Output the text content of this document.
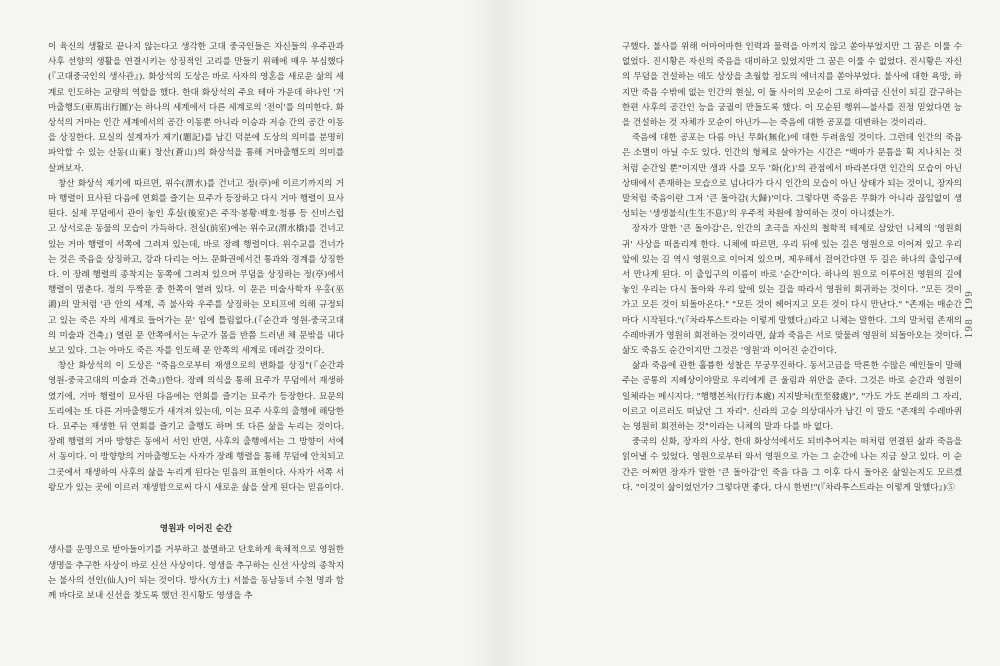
이 육신의 생활로 끝나지 않는다고 생각한 고대 중국인들은 자신들의 우주관과 사후 선향의 생활을 연결시키는 상징적인 고리를 만들기 위해에 매우 부심했다(『고대중국인의 생사관』). 화상석의 도상은 바로 사자의 영혼을 새로운 삶의 세계로 인도하는 교량의 역할을 했다. 한대 화상석의 주요 테마 가운데 하나인 '거마출행도(車馬出行圖)'는 하나의 세계에서 다른 세계로의 '전이'를 의미한다. 화상석의 거마는 인간 세계에서의 공간 이동뿐 아니라 이승과 저승 간의 공간 이동을 상징한다. 묘실의 설계자가 제기(題記)를 남긴 덕분에 도상의 의미를 분명히 파악할 수 있는 산동(山東) 창산(蒼山)의 화상석을 통해 거마출행도의 의미를 살펴보자.

창산 화상석 제기에 따르면, 위수(渭水)를 건너고 정(亭)에 이르기까지의 거마 행렬이 묘사된 다음에 연회를 즐기는 묘주가 등장하고 다시 거마 행렬이 묘사된다. 실제 무덤에서 관이 놓인 후실(後室)은 주작·봉황·백호·청룡 등 신비스럽고 상서로운 동물의 모습이 가득하다. 전실(前室)에는 위수교(渭水橋)를 건너고 있는 거마 행렬이 서쪽에 그려져 있는데, 바로 장례 행렬이다. 위수교를 건너가는 것은 죽음을 상징하고, 강과 다리는 어느 문화권에서건 통과와 경계를 상징한다. 이 장례 행렬의 종착지는 동쪽에 그려져 있으며 무덤을 상징하는 정(亭)에서 행렬이 멈춘다. 정의 두짝문 중 한쪽이 열려 있다. 이 문은 미술사학자 우홍(巫鴻)의 말처럼 '관 안의 세계, 즉 불사와 우주를 상징하는 모티프에 의해 규정되고 있는 죽은 자의 세계로 들어가는 문' 임에 틀림없다.(『순간과 영원-중국고대의 미술과 건축』) 열린 문 안쪽에서는 누군가 몸을 반쯤 드러낸 채 문밖을 내다보고 있다. 그는 아마도 죽은 자를 인도해 문 안쪽의 세계로 데려갈 것이다.

창산 화상석의 이 도상은 "죽음으로부터 재생으로의 변화를 상징"(『순간과 영원-중국고대의 미술과 건축』)한다. 장례 의식을 통해 묘주가 무덤에서 재생하였기에, 거마 행렬이 묘사된 다음에는 연회를 즐기는 묘주가 등장한다. 묘문의 도리에는 또 다른 거마출행도가 새겨져 있는데, 이는 묘주 사후의 출행에 해당한다. 묘주는 재생한 뒤 연회를 즐기고 출행도 하며 또 다른 삶을 누리는 것이다. 장례 행렬의 거마 방향은 동에서 서인 반면, 사후의 출행에서는 그 방향이 서에서 동이다. 이 방향항의 거마출행도는 사자가 장례 행렬을 통해 무덤에 안치되고 그곳에서 재생하여 사후의 삶을 누리게 된다는 믿음의 표현이다. 사자가 서쪽 서왕모가 있는 곳에 이르러 재생함으로써 다시 새로운 삶을 살게 된다는 믿음이다.

영원과 이어진 순간

생사를 운명으로 받아들이기를 거부하고 불멸하고 단호하게 육체적으로 영원한 생명을 추구한 사상이 바로 신선 사상이다. 영생을 추구하는 신선 사상의 종착지는 불사의 선인(仙人)이 되는 것이다. 방사(方士) 서불을 동남동녀 수천 명과 함께 바다로 보내 신선을 찾도록 했던 진시황도 영생을 추

구했다. 불사를 위해 어마어마한 인력과 물력을 아끼지 않고 쏟아부었지만 그 꿈은 이룰 수 없었다. 진시황은 자신의 죽음을 대비하고 있었지만 그 꿈은 이룰 수 없었다. 진시황은 자신의 무덤을 건설하는 데도 상상을 초월할 정도의 에너지를 쏟아부었다. 불사에 대한 욕망, 하지만 죽음 수밖에 없는 인간의 현실, 이 둘 사이의 모순이 그로 하여금 신선이 되길 갈구하는 한편 사후의 공간인 능을 궁궐이 만들도록 했다. 이 모순된 행위—불사를 진정 믿었다면 능을 건설하는 것 자체가 모순이 아닌가—는 죽음에 대한 공포를 대변하는 것이리라.

죽음에 대한 공포는 다름 아닌 무화(無化)에 대한 두려움일 것이다. 그런데 인간의 죽음은 소멸이 아닐 수도 있다. 인간의 형체로 살아가는 시간은 "백마가 문틈을 획 지나치는 것처럼 순간일 뿐"이지만 생과 사를 모두 '화(化)'의 관점에서 바라본다면 인간의 모습이 아닌 상태에서 존재하는 모습으로 넘나다가 다시 인간의 모습이 아닌 상태가 되는 것이니, 장자의 말처럼 죽음이란 그저 '큰 돌아감(大歸)'이다. 그렇다면 죽음은 무화가 아니라 끊임없이 생성되는 '생생불식(生生不息)'의 우주적 차원에 참여하는 것이 아니겠는가.

장자가 말한 '큰 돌아감'은, 인간의 초극을 자신의 철학적 테제로 삼았던 니체의 '영원회귀' 사상을 떠올리게 한다. 니체에 따르면, 우리 뒤에 있는 길은 영원으로 이어져 있고 우리 앞에 있는 길 역시 영원으로 이어져 있으며, 제우해서 걸어간다면 두 길은 하나의 출입구에서 만나게 된다. 이 출입구의 이름이 바로 '순간'이다. 하나의 원으로 이루어진 영원의 길에 놓인 우리는 다시 돌아와 우리 앞에 있는 길을 따라서 영원히 회귀하는 것이다. "모든 것이 가고 모든 것이 되돌아온다." "모든 것이 헤어지고 모든 것이 다시 만난다." "존재는 매순간마다 시작된다."(『차라투스트라는 이렇게 말했다』)라고 니체는 말한다. 그의 말처럼 존재의 수레바퀴가 영원히 회전하는 것이라면, 삶과 죽음은 서로 맞물려 영원히 되돌아오는 것이다. 삶도 죽음도 순간이지만 그것은 '영원'과 이어진 순간이다.

삶과 죽음에 관한 훌륭한 성찰은 무궁무진하다. 동서고금을 막론한 수많은 예인들이 말해주는 공통의 지혜상이야말로 우리에게 큰 울림과 위안을 준다. 그것은 바로 순간과 영원이 일체라는 메시지다. "행행본처(行行本處) 지지발처(至至發處)", "가도 가도 본래의 그 자리, 이르고 이르러도 떠났던 그 자리". 신라의 고승 의상대사가 남긴 이 말도 "존재의 수레바퀴는 영원히 회전하는 것"이라는 니체의 말과 다를 바 없다.

중국의 신화, 장자의 사상, 한대 화상석에서도 되비추어지는 떠처럼 연결된 삶과 죽음을 읽어낼 수 있었다. 영원으로부터 와서 영원으로 가는 그 순간에 나는 지금 살고 있다. 이 순간은 어쩌면 장자가 말한 '큰 돌아감'인 죽음 다음 그 이후 다시 돌아온 삶일는지도 모르겠다. "이것이 삶이었던가? 그렇다면 좋다, 다시 한번!"(『차라투스트라는 이렇게 말했다』)⑤

198
199
